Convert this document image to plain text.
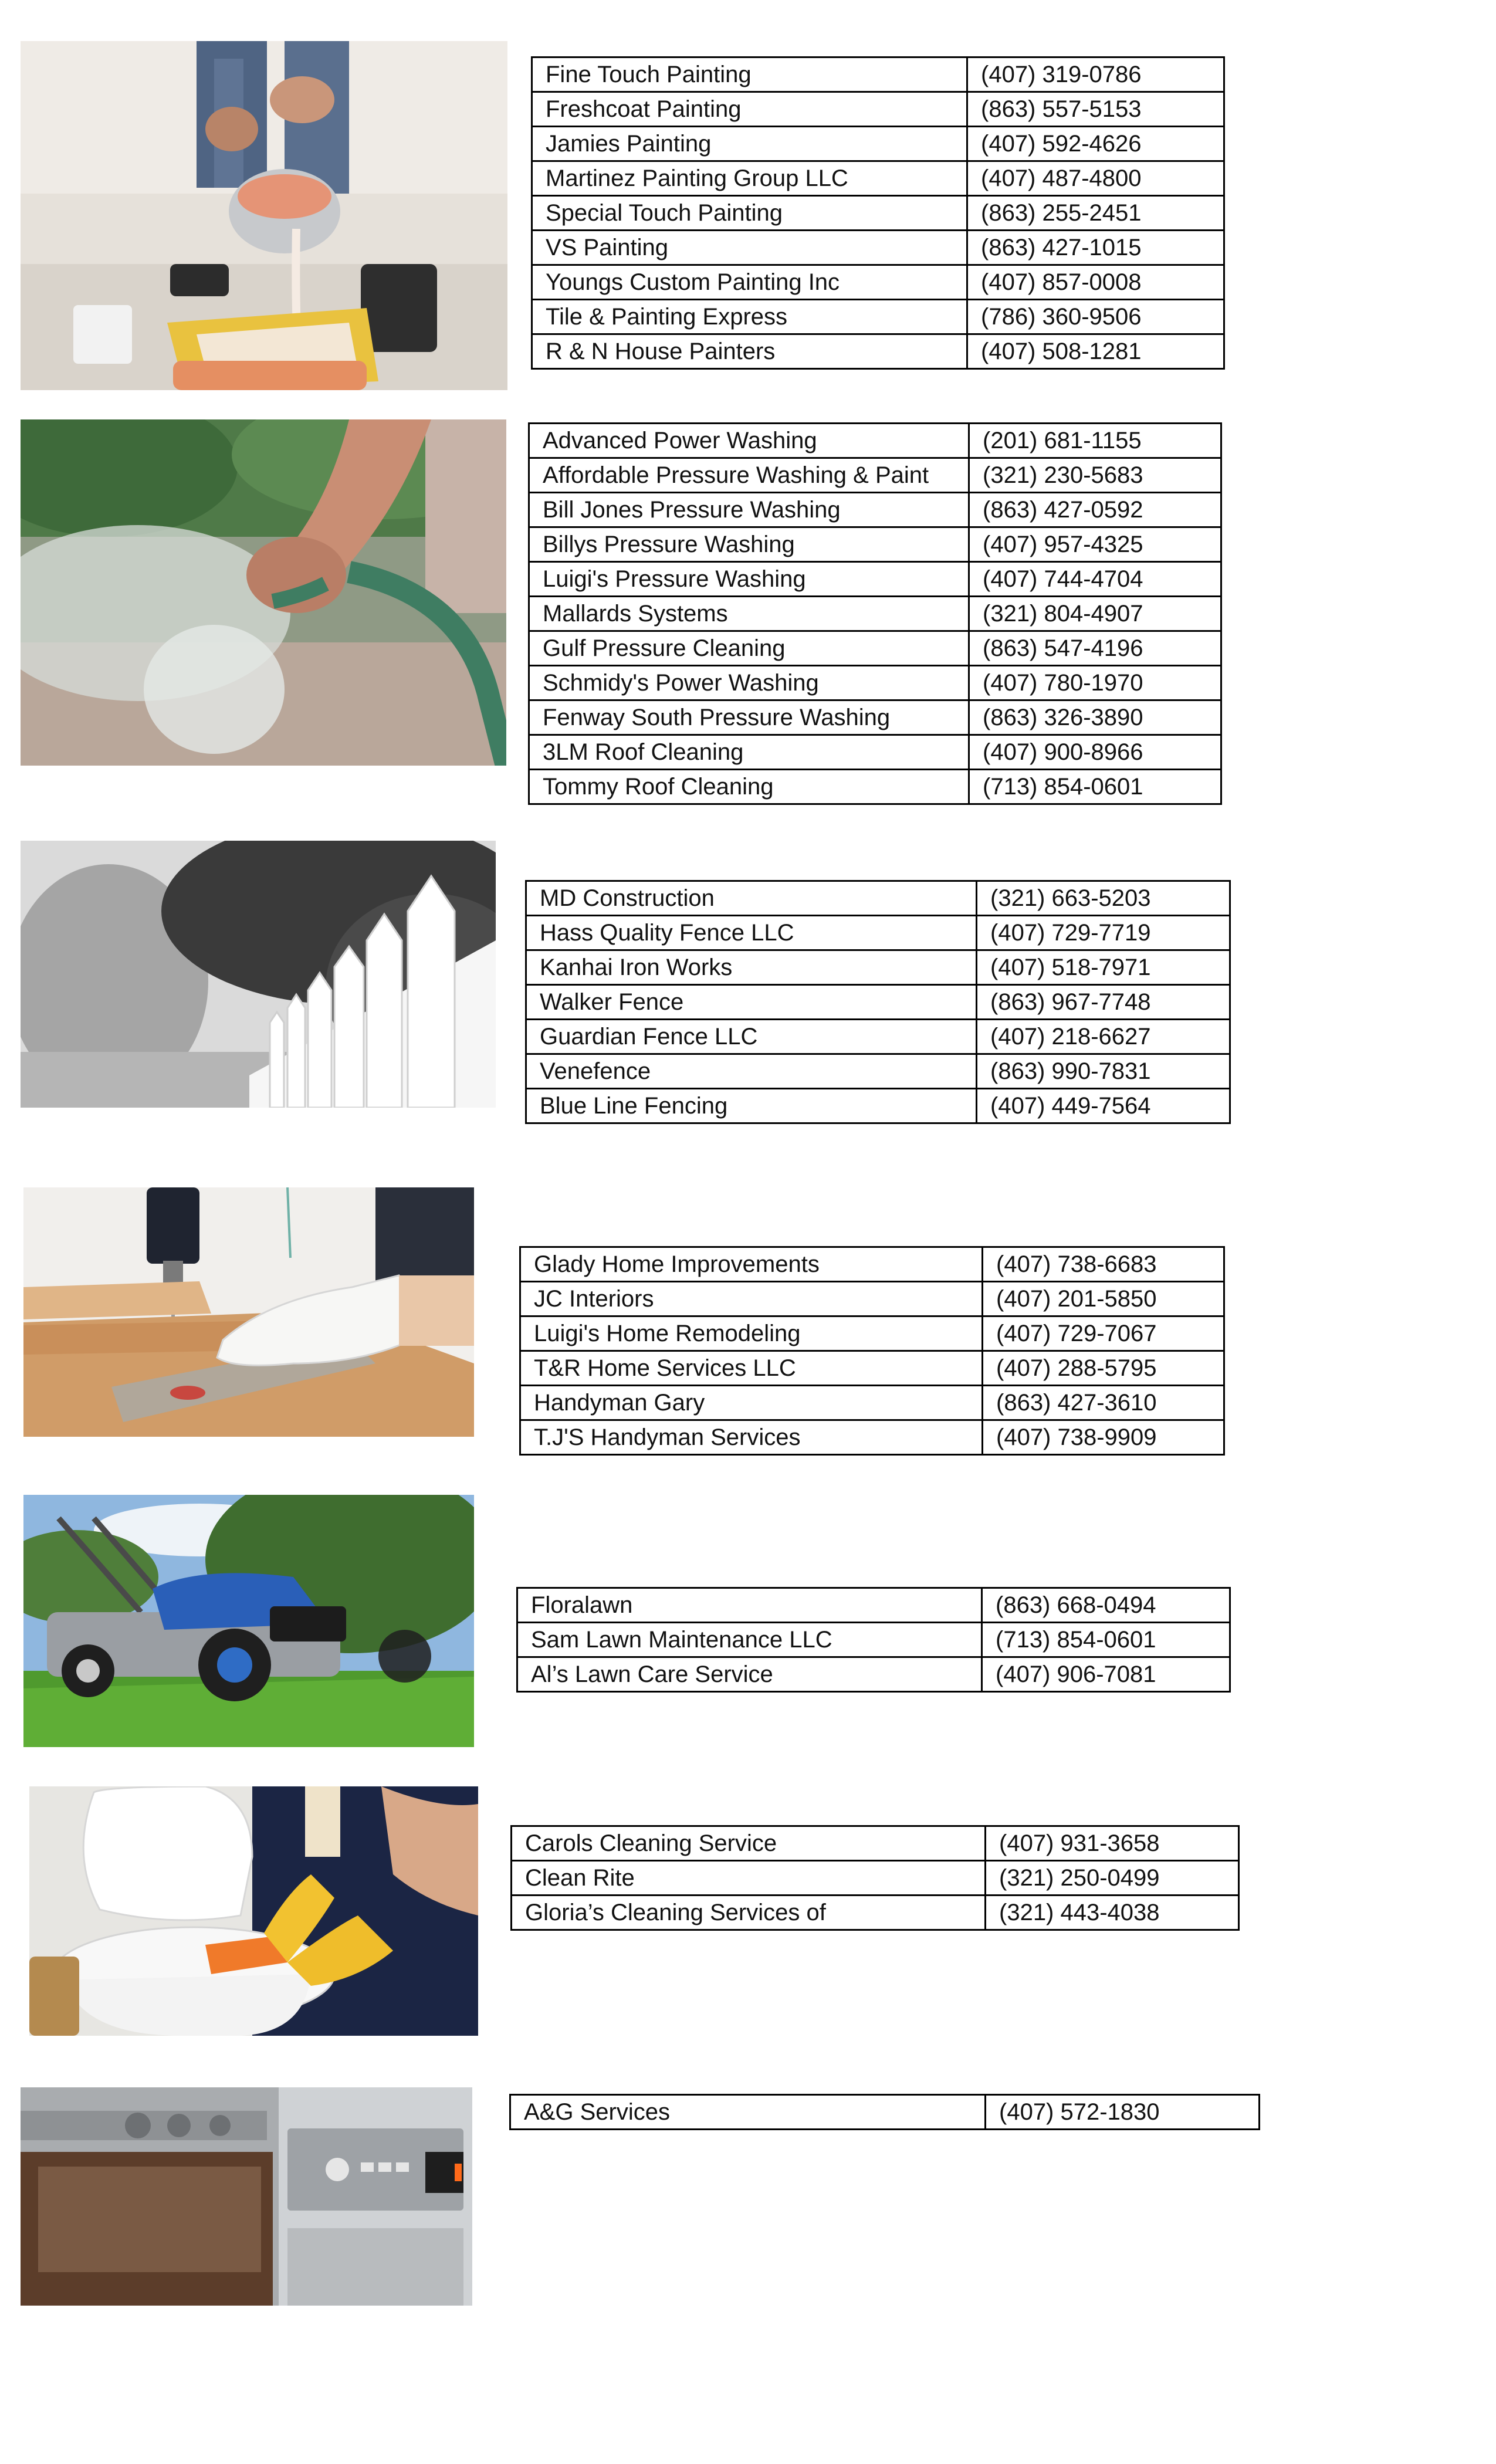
Fine Touch Painting	(407) 319-0786
Freshcoat Painting	(863) 557-5153
Jamies Painting	(407) 592-4626
Martinez Painting Group LLC	(407) 487-4800
Special Touch Painting	(863) 255-2451
VS Painting	(863) 427-1015
Youngs Custom Painting Inc	(407) 857-0008
Tile & Painting Express	(786) 360-9506
R & N House Painters	(407) 508-1281
Advanced Power Washing	(201) 681-1155
Affordable Pressure Washing & Paint	(321) 230-5683
Bill Jones Pressure Washing	(863) 427-0592
Billys Pressure Washing	(407) 957-4325
Luigi's Pressure Washing	(407) 744-4704
Mallards Systems	(321) 804-4907
Gulf Pressure Cleaning	(863) 547-4196
Schmidy's Power Washing	(407) 780-1970
Fenway South Pressure Washing	(863) 326-3890
3LM Roof Cleaning	(407) 900-8966
Tommy Roof Cleaning	(713) 854-0601
MD Construction	(321) 663-5203
Hass Quality Fence LLC	(407) 729-7719
Kanhai Iron Works	(407) 518-7971
Walker Fence	(863) 967-7748
Guardian Fence LLC	(407) 218-6627
Venefence	(863) 990-7831
Blue Line Fencing	(407) 449-7564
Glady Home Improvements	(407) 738-6683
JC Interiors	(407) 201-5850
Luigi's Home Remodeling	(407) 729-7067
T&R Home Services LLC	(407) 288-5795
Handyman Gary	(863) 427-3610
T.J'S Handyman Services	(407) 738-9909
Floralawn	(863) 668-0494
Sam Lawn Maintenance LLC	(713) 854-0601
Al’s Lawn Care Service	(407) 906-7081
Carols Cleaning Service	(407) 931-3658
Clean Rite	(321) 250-0499
Gloria’s Cleaning Services of	(321) 443-4038
A&G Services	(407) 572-1830
